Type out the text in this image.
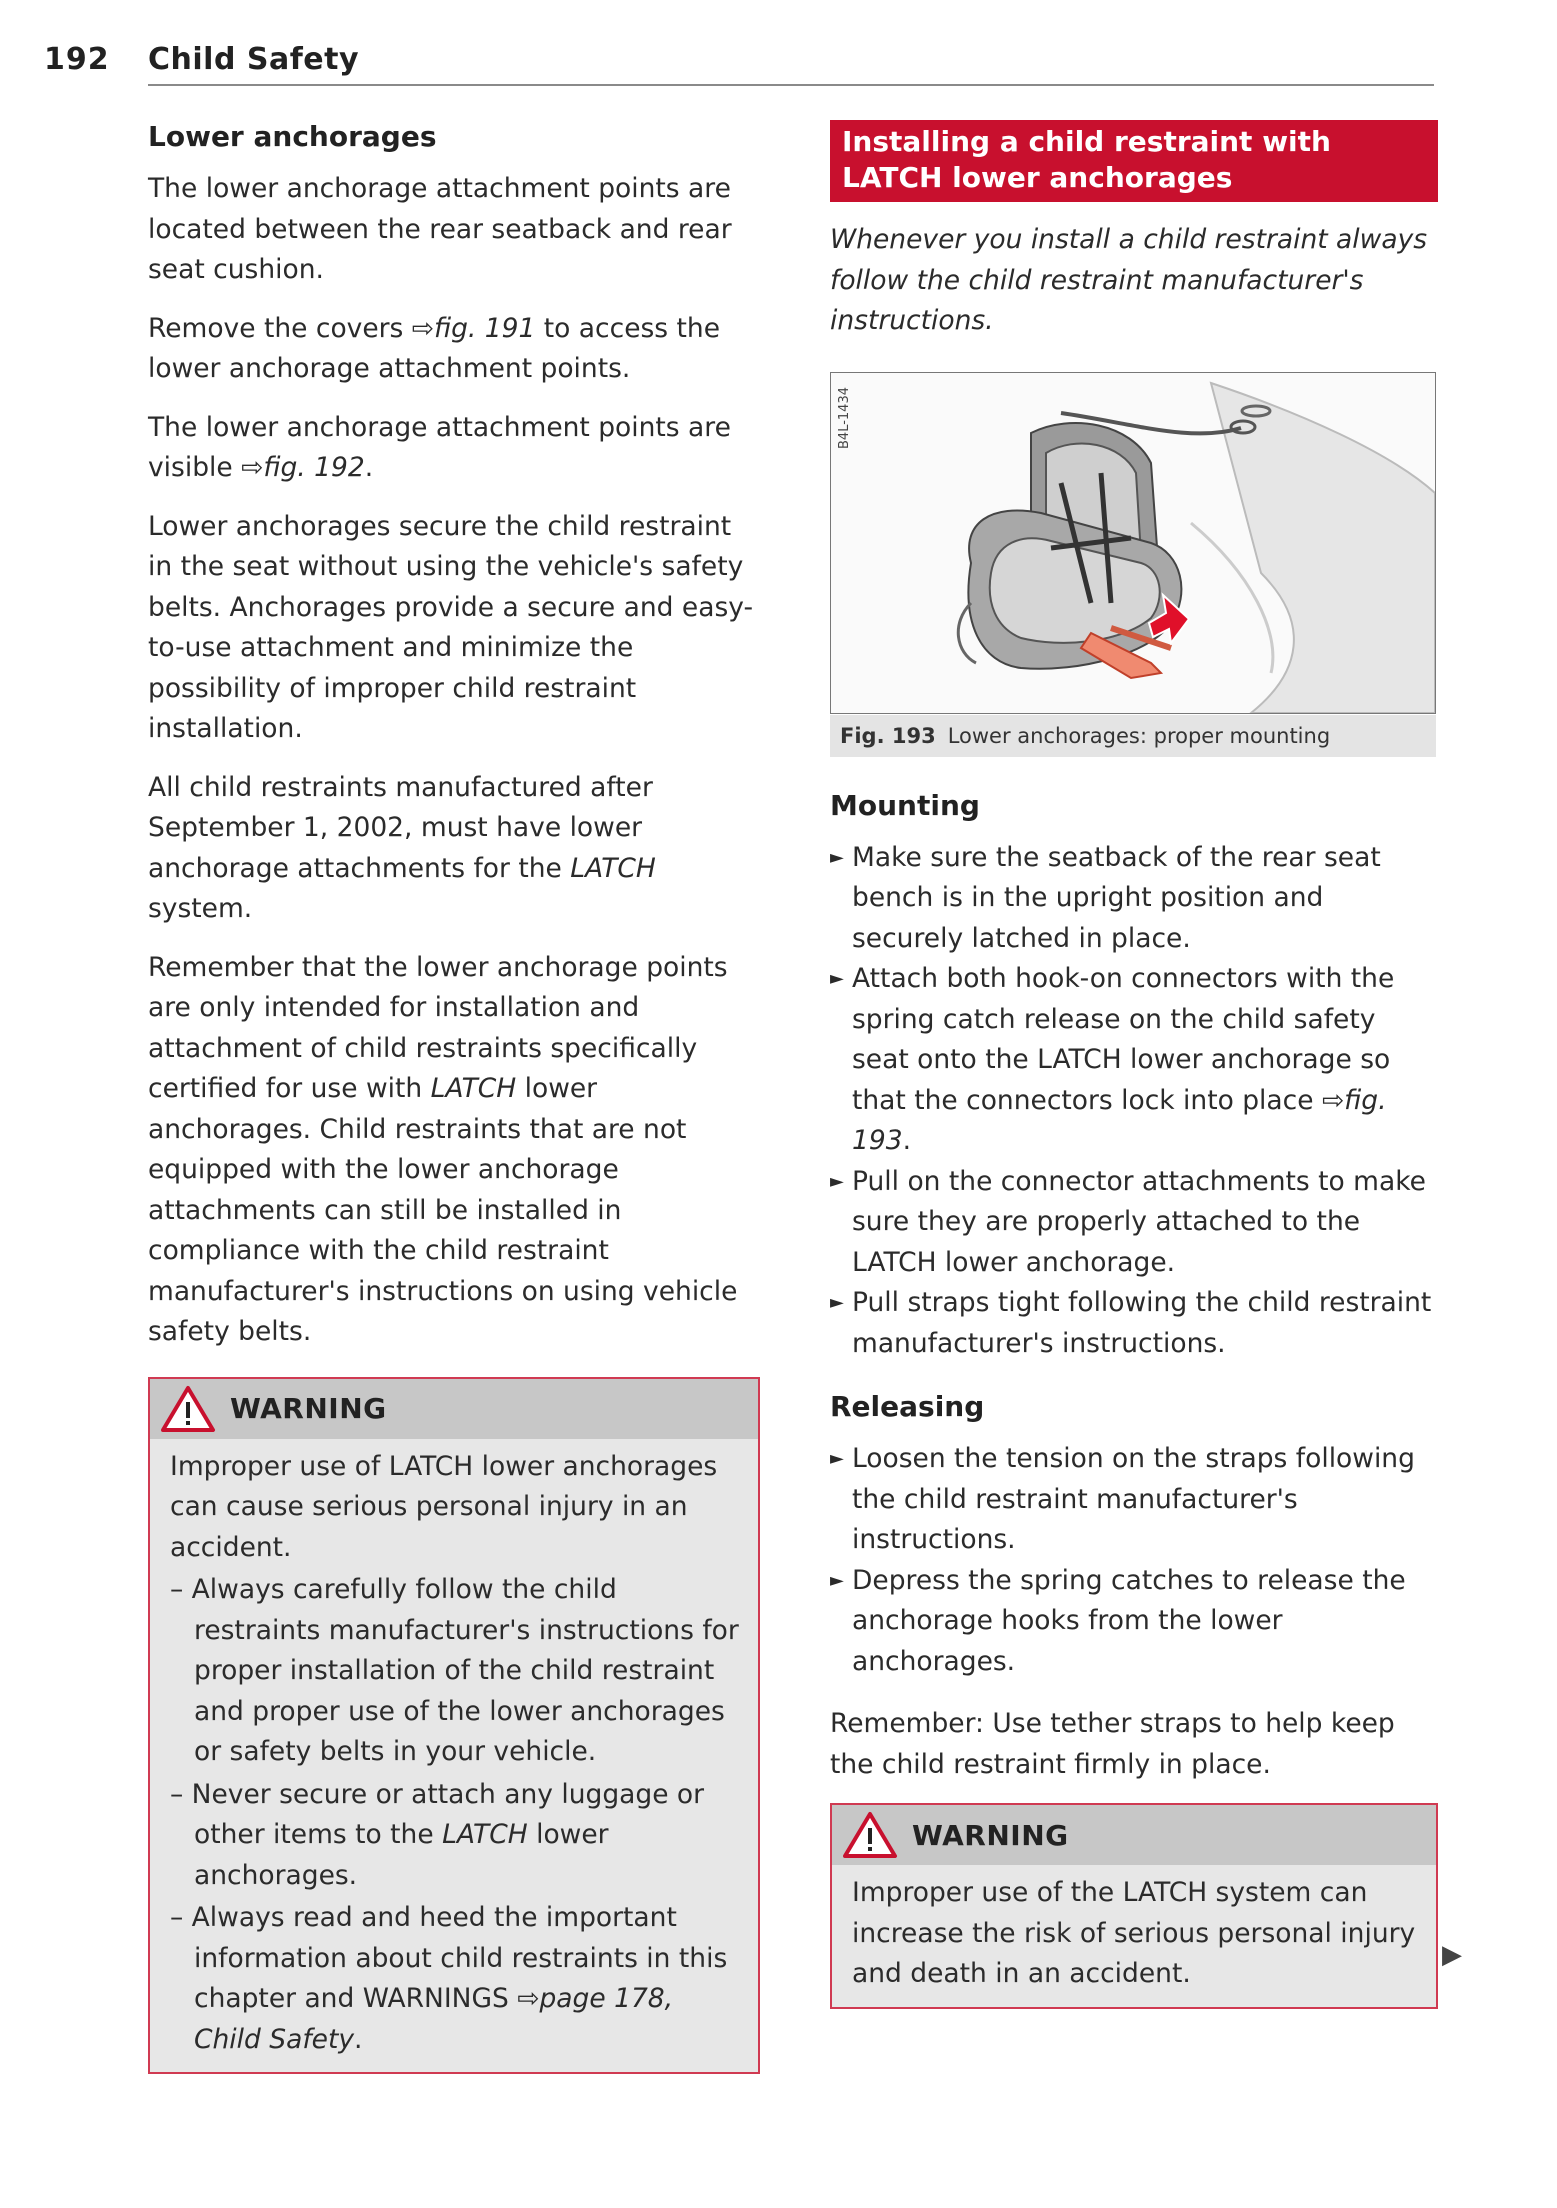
192 Child Safety
Lower anchorages

The lower anchorage attachment points are located between the rear seatback and rear seat cushion.

Remove the covers ⇨fig. 191 to access the lower anchorage attachment points.

The lower anchorage attachment points are visible ⇨fig. 192.

Lower anchorages secure the child restraint in the seat without using the vehicle's safety belts. Anchorages provide a secure and easy-to-use attachment and minimize the possibility of improper child restraint installation.

All child restraints manufactured after September 1, 2002, must have lower anchorage attachments for the LATCH system.

Remember that the lower anchorage points are only intended for installation and attachment of child restraints specifically certified for use with LATCH lower anchorages. Child restraints that are not equipped with the lower anchorage attachments can still be installed in compliance with the child restraint manufacturer's instructions on using vehicle safety belts.

WARNING

Improper use of LATCH lower anchorages can cause serious personal injury in an accident.

– Always carefully follow the child restraints manufacturer's instructions for proper installation of the child restraint and proper use of the lower anchorages or safety belts in your vehicle.

– Never secure or attach any luggage or other items to the LATCH lower anchorages.

– Always read and heed the important information about child restraints in this chapter and WARNINGS ⇨page 178, Child Safety.

Installing a child restraint with LATCH lower anchorages

Whenever you install a child restraint always follow the child restraint manufacturer's instructions.

B4L-1434
Fig. 193 Lower anchorages: proper mounting
Mounting
► Make sure the seatback of the rear seat bench is in the upright position and securely latched in place.
► Attach both hook-on connectors with the spring catch release on the child safety seat onto the LATCH lower anchorage so that the connectors lock into place ⇨fig. 193.
► Pull on the connector attachments to make sure they are properly attached to the LATCH lower anchorage.
► Pull straps tight following the child restraint manufacturer's instructions.
Releasing
► Loosen the tension on the straps following the child restraint manufacturer's instructions.
► Depress the spring catches to release the anchorage hooks from the lower anchorages.

Remember: Use tether straps to help keep the child restraint firmly in place.

WARNING

Improper use of the LATCH system can increase the risk of serious personal injury and death in an accident.

▶
